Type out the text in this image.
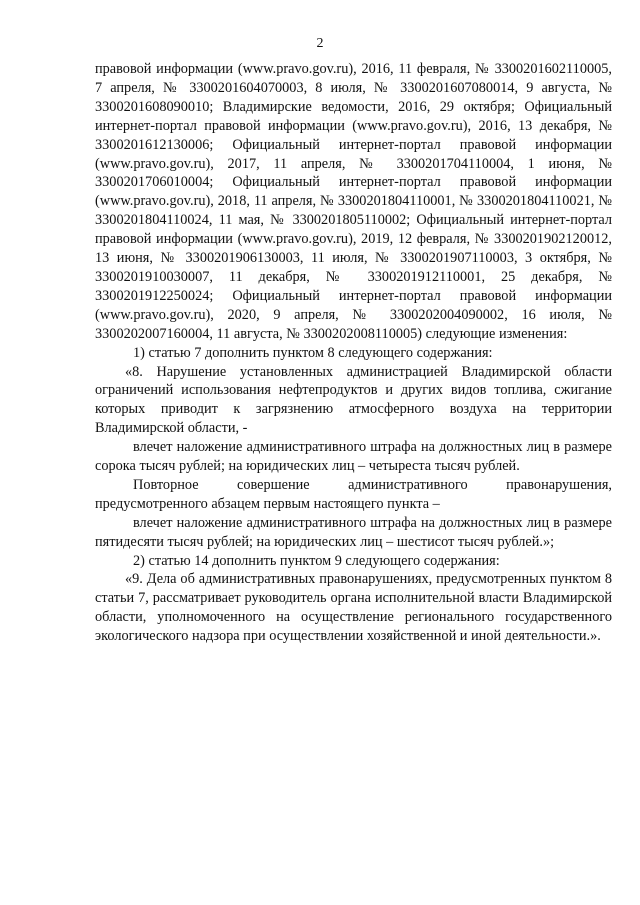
2

правовой информации (www.pravo.gov.ru), 2016, 11 февраля, № 3300201602110005, 7 апреля, № 3300201604070003, 8 июля, № 3300201607080014, 9 августа, № 3300201608090010; Владимирские ведомости, 2016, 29 октября; Официальный интернет-портал правовой информации (www.pravo.gov.ru), 2016, 13 декабря, № 3300201612130006; Официальный интернет-портал правовой информации (www.pravo.gov.ru), 2017, 11 апреля, № 3300201704110004, 1 июня, № 3300201706010004; Официальный интернет-портал правовой информации (www.pravo.gov.ru), 2018, 11 апреля, № 3300201804110001, № 3300201804110021, № 3300201804110024, 11 мая, № 3300201805110002; Официальный интернет-портал правовой информации (www.pravo.gov.ru), 2019, 12 февраля, № 3300201902120012, 13 июня, № 3300201906130003, 11 июля, № 3300201907110003, 3 октября, № 3300201910030007, 11 декабря, № 3300201912110001, 25 декабря, № 3300201912250024; Официальный интернет-портал правовой информации (www.pravo.gov.ru), 2020, 9 апреля, № 3300202004090002, 16 июля, № 3300202007160004, 11 августа, № 3300202008110005) следующие изменения:

1) статью 7 дополнить пунктом 8 следующего содержания:

«8. Нарушение установленных администрацией Владимирской области ограничений использования нефтепродуктов и других видов топлива, сжигание которых приводит к загрязнению атмосферного воздуха на территории Владимирской области, -

влечет наложение административного штрафа на должностных лиц в размере сорока тысяч рублей; на юридических лиц – четыреста тысяч рублей.

Повторное совершение административного правонарушения, предусмотренного абзацем первым настоящего пункта –

влечет наложение административного штрафа на должностных лиц в размере пятидесяти тысяч рублей; на юридических лиц – шестисот тысяч рублей.»;

2) статью 14 дополнить пунктом 9 следующего содержания:

«9. Дела об административных правонарушениях, предусмотренных пунктом 8 статьи 7, рассматривает руководитель органа исполнительной власти Владимирской области, уполномоченного на осуществление регионального государственного экологического надзора при осуществлении хозяйственной и иной деятельности.».
